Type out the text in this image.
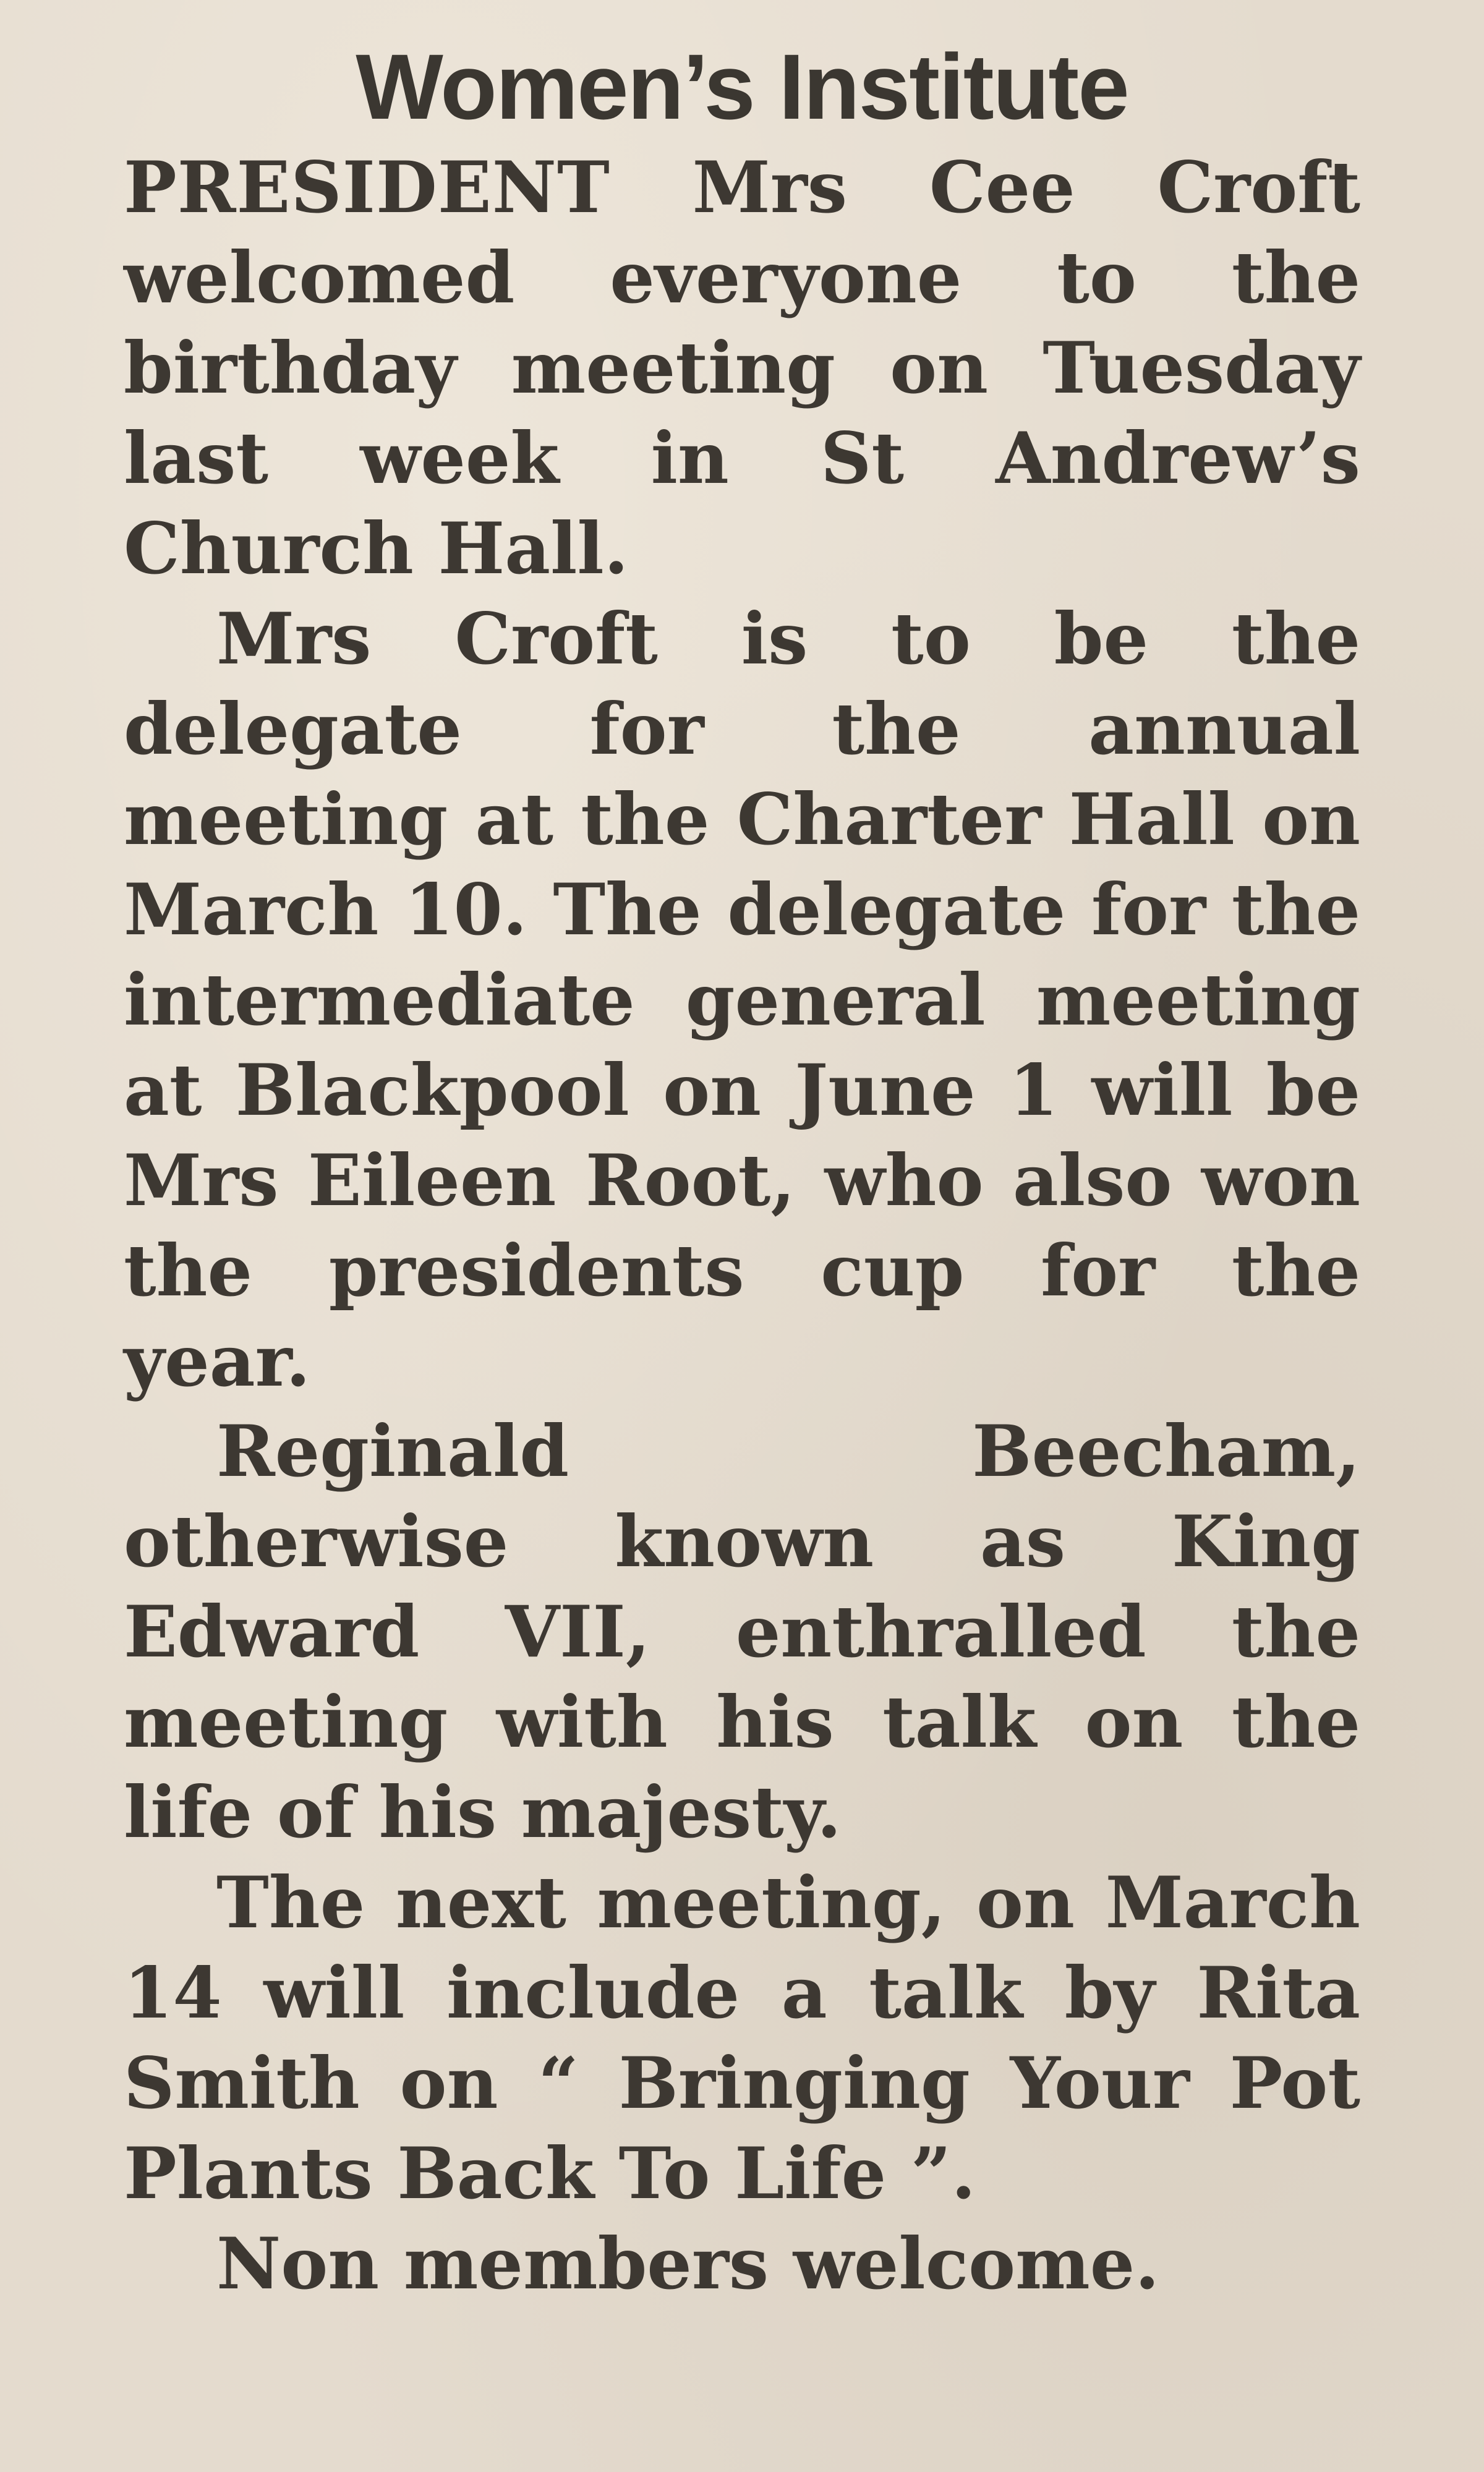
Women’s Institute

PRESIDENT Mrs Cee Croft welcomed everyone to the birthday meeting on Tuesday last week in St Andrew’s Church Hall.

Mrs Croft is to be the delegate for the annual meeting at the Charter Hall on March 10. The delegate for the intermediate general meeting at Blackpool on June 1 will be Mrs Eileen Root, who also won the presidents cup for the year.

Reginald Beecham, otherwise known as King Edward VII, enthralled the meeting with his talk on the life of his majesty.

The next meeting, on March 14 will include a talk by Rita Smith on “ Bringing Your Pot Plants Back To Life ”.

Non members welcome.
